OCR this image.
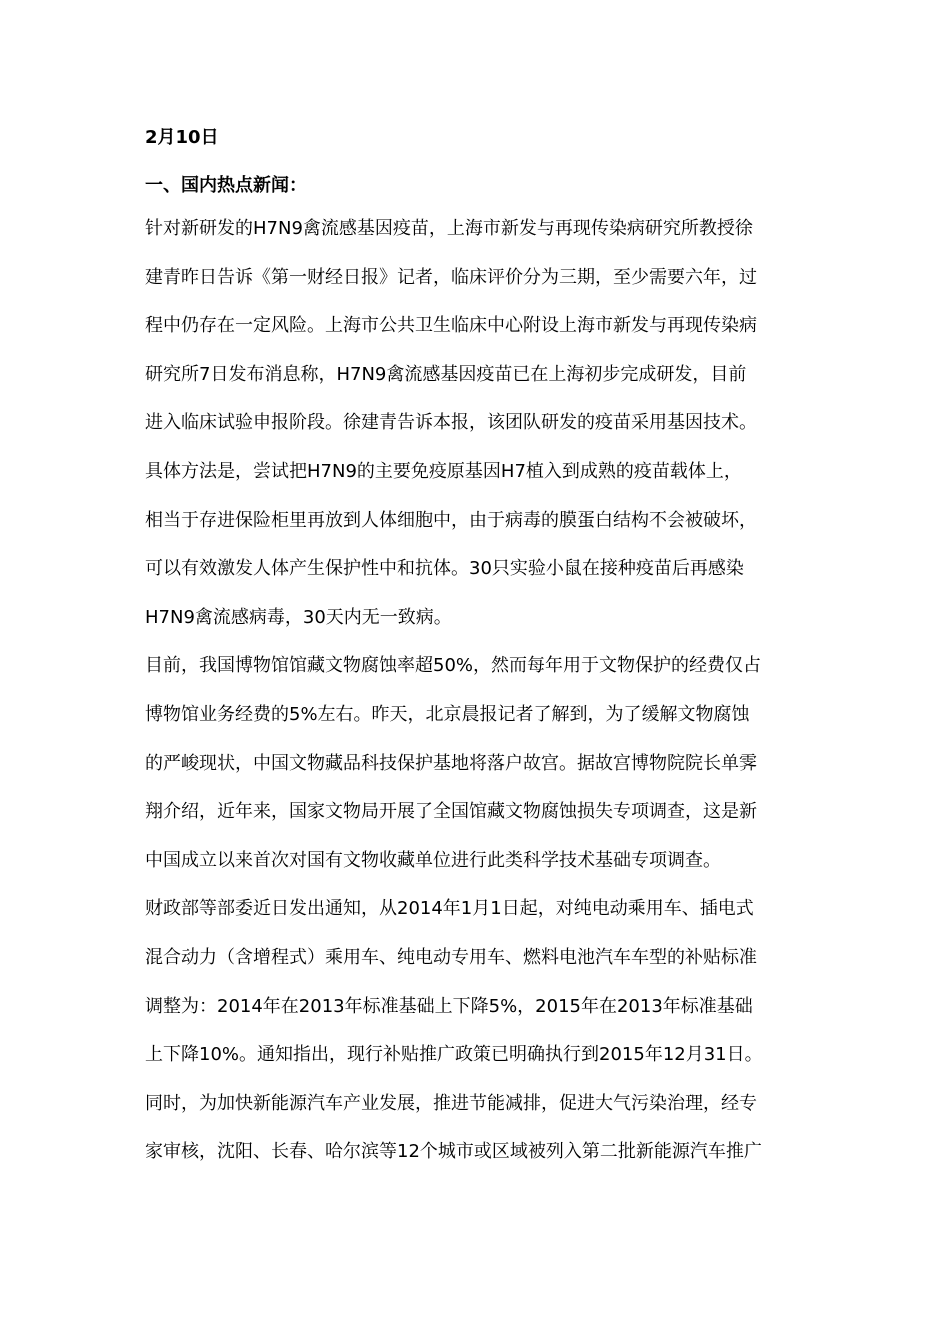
2月10日
一、国内热点新闻：
针对新研发的H7N9禽流感基因疫苗，上海市新发与再现传染病研究所教授徐
建青昨日告诉《第一财经日报》记者，临床评价分为三期，至少需要六年，过
程中仍存在一定风险。上海市公共卫生临床中心附设上海市新发与再现传染病
研究所7日发布消息称，H7N9禽流感基因疫苗已在上海初步完成研发，目前
进入临床试验申报阶段。徐建青告诉本报，该团队研发的疫苗采用基因技术。
具体方法是，尝试把H7N9的主要免疫原基因H7植入到成熟的疫苗载体上，
相当于存进保险柜里再放到人体细胞中，由于病毒的膜蛋白结构不会被破坏，
可以有效激发人体产生保护性中和抗体。30只实验小鼠在接种疫苗后再感染
H7N9禽流感病毒，30天内无一致病。
目前，我国博物馆馆藏文物腐蚀率超50%，然而每年用于文物保护的经费仅占
博物馆业务经费的5%左右。昨天，北京晨报记者了解到，为了缓解文物腐蚀
的严峻现状，中国文物藏品科技保护基地将落户故宫。据故宫博物院院长单霁
翔介绍，近年来，国家文物局开展了全国馆藏文物腐蚀损失专项调查，这是新
中国成立以来首次对国有文物收藏单位进行此类科学技术基础专项调查。
财政部等部委近日发出通知，从2014年1月1日起，对纯电动乘用车、插电式
混合动力（含增程式）乘用车、纯电动专用车、燃料电池汽车车型的补贴标准
调整为：2014年在2013年标准基础上下降5%，2015年在2013年标准基础
上下降10%。通知指出，现行补贴推广政策已明确执行到2015年12月31日。
同时，为加快新能源汽车产业发展，推进节能减排，促进大气污染治理，经专
家审核，沈阳、长春、哈尔滨等12个城市或区域被列入第二批新能源汽车推广
